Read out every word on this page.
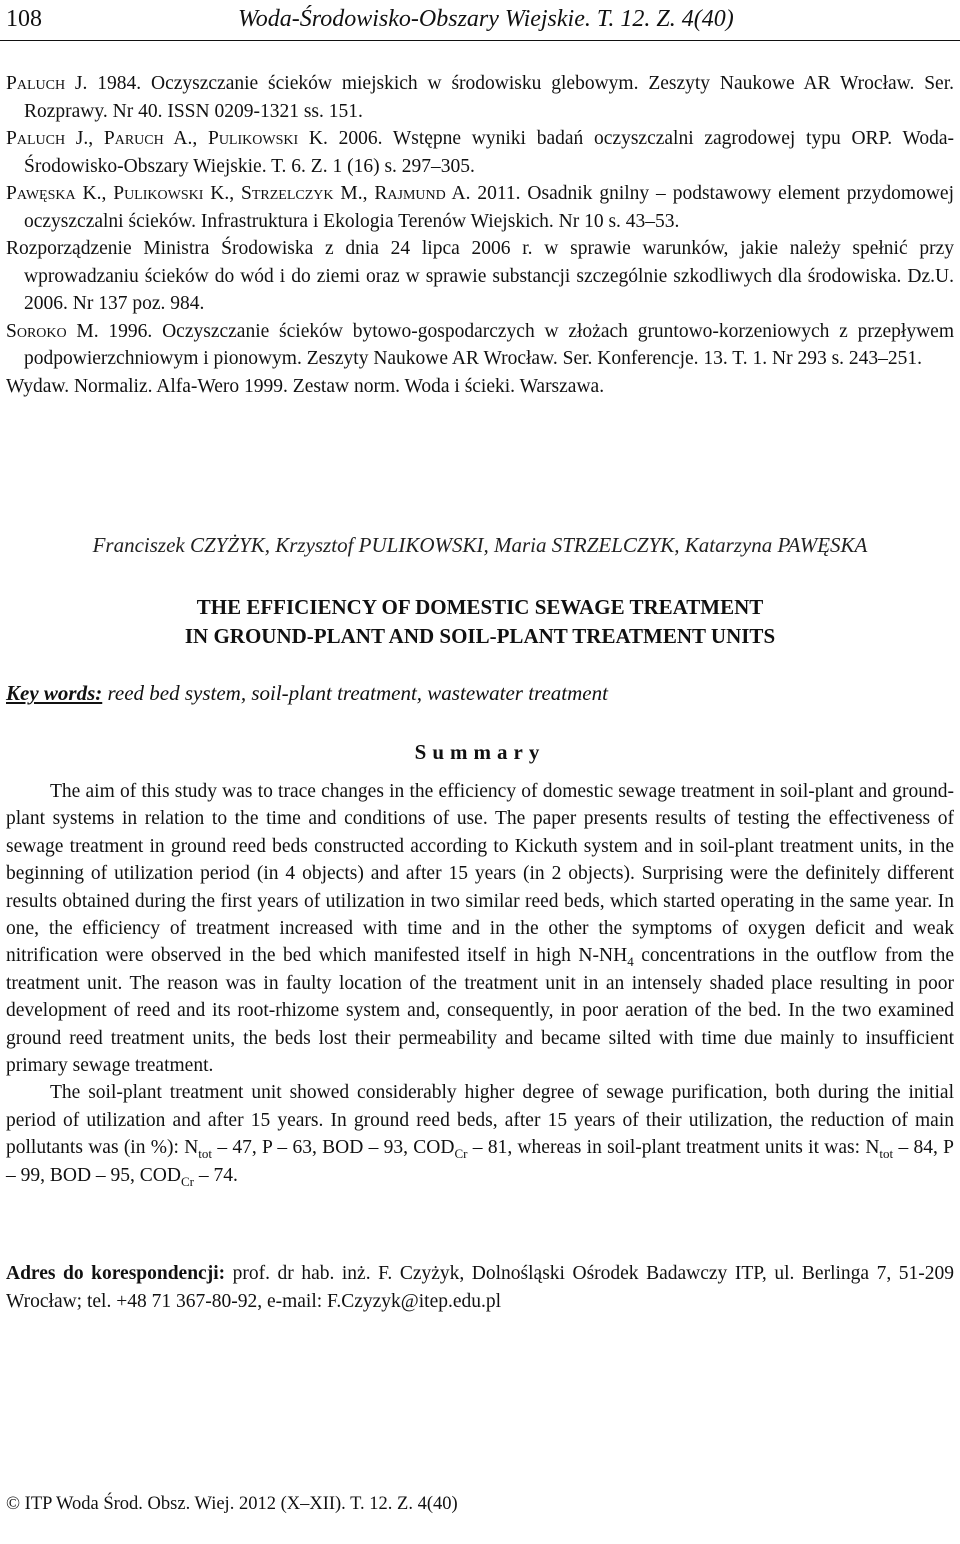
108	Woda-Środowisko-Obszary Wiejskie. T. 12. Z. 4(40)
Paluch J. 1984. Oczyszczanie ścieków miejskich w środowisku glebowym. Zeszyty Naukowe AR Wrocław. Ser. Rozprawy. Nr 40. ISSN 0209-1321 ss. 151.
Paluch J., Paruch A., Pulikowski K. 2006. Wstępne wyniki badań oczyszczalni zagrodowej typu ORP. Woda-Środowisko-Obszary Wiejskie. T. 6. Z. 1 (16) s. 297–305.
Pawęska K., Pulikowski K., Strzelczyk M., Rajmund A. 2011. Osadnik gnilny – podstawowy element przydomowej oczyszczalni ścieków. Infrastruktura i Ekologia Terenów Wiejskich. Nr 10 s. 43–53.
Rozporządzenie Ministra Środowiska z dnia 24 lipca 2006 r. w sprawie warunków, jakie należy spełnić przy wprowadzaniu ścieków do wód i do ziemi oraz w sprawie substancji szczególnie szkodliwych dla środowiska. Dz.U. 2006. Nr 137 poz. 984.
Soroko M. 1996. Oczyszczanie ścieków bytowo-gospodarczych w złożach gruntowo-korzeniowych z przepływem podpowierzchniowym i pionowym. Zeszyty Naukowe AR Wrocław. Ser. Konferencje. 13. T. 1. Nr 293 s. 243–251.
Wydaw. Normaliz. Alfa-Wero 1999. Zestaw norm. Woda i ścieki. Warszawa.
Franciszek CZYŻYK, Krzysztof PULIKOWSKI, Maria STRZELCZYK, Katarzyna PAWĘSKA
THE EFFICIENCY OF DOMESTIC SEWAGE TREATMENT
IN GROUND-PLANT AND SOIL-PLANT TREATMENT UNITS
Key words: reed bed system, soil-plant treatment, wastewater treatment
Summary

The aim of this study was to trace changes in the efficiency of domestic sewage treatment in soil-plant and ground-plant systems in relation to the time and conditions of use. The paper presents results of testing the effectiveness of sewage treatment in ground reed beds constructed according to Kickuth system and in soil-plant treatment units, in the beginning of utilization period (in 4 objects) and after 15 years (in 2 objects). Surprising were the definitely different results obtained during the first years of utilization in two similar reed beds, which started operating in the same year. In one, the efficiency of treatment increased with time and in the other the symptoms of oxygen deficit and weak nitrification were observed in the bed which manifested itself in high $N-NH_4$ concentrations in the outflow from the treatment unit. The reason was in faulty location of the treatment unit in an intensely shaded place resulting in poor development of reed and its root-rhizome system and, consequently, in poor aeration of the bed. In the two examined ground reed treatment units, the beds lost their permeability and became silted with time due mainly to insufficient primary sewage treatment.

The soil-plant treatment unit showed considerably higher degree of sewage purification, both during the initial period of utilization and after 15 years. In ground reed beds, after 15 years of their utilization, the reduction of main pollutants was (in %): $N_{tot} - 47$, P – 63, BOD – 93, $COD_{Cr} - 81$, whereas in soil-plant treatment units it was: $N_{tot} - 84$, P – 99, BOD – 95, $COD_{Cr} - 74$.

Adres do korespondencji: prof. dr hab. inż. F. Czyżyk, Dolnośląski Ośrodek Badawczy ITP, ul. Berlinga 7, 51-209 Wrocław; tel. +48 71 367-80-92, e-mail: F.Czyzyk@itep.edu.pl
© ITP Woda Środ. Obsz. Wiej. 2012 (X–XII). T. 12. Z. 4(40)
